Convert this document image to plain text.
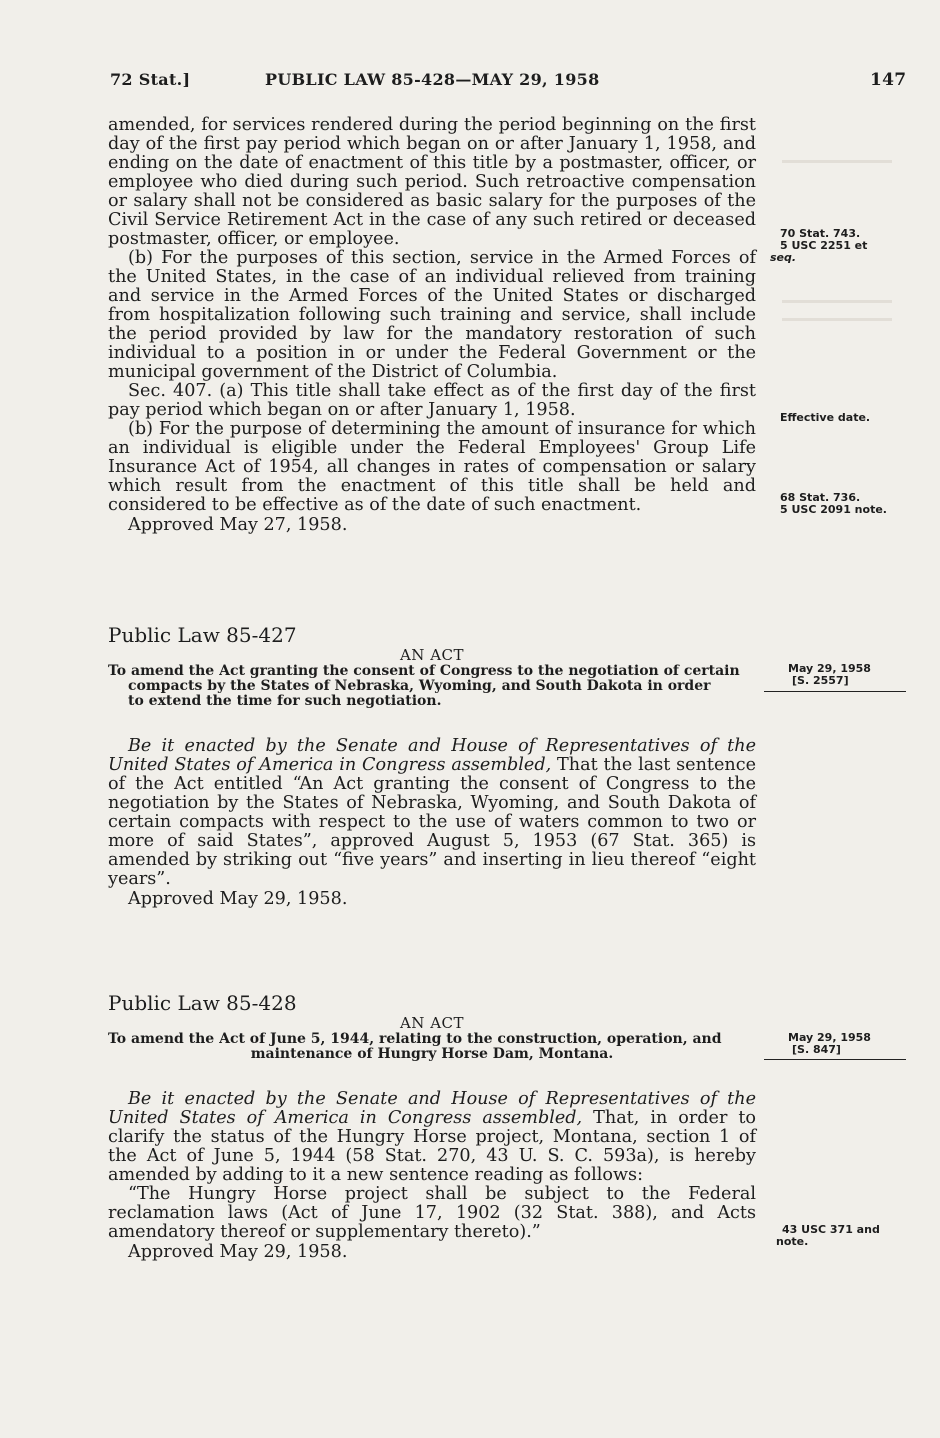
72 Stat.]	PUBLIC LAW 85-428—MAY 29, 1958	147

amended, for services rendered during the period beginning on the first day of the first pay period which began on or after January 1, 1958, and ending on the date of enactment of this title by a postmaster, officer, or employee who died during such period. Such retroactive compensation or salary shall not be considered as basic salary for the purposes of the Civil Service Retirement Act in the case of any such retired or deceased postmaster, officer, or employee.

(b) For the purposes of this section, service in the Armed Forces of the United States, in the case of an individual relieved from training and service in the Armed Forces of the United States or discharged from hospitalization following such training and service, shall include the period provided by law for the mandatory restoration of such individual to a position in or under the Federal Government or the municipal government of the District of Columbia.

Sec. 407. (a) This title shall take effect as of the first day of the first pay period which began on or after January 1, 1958.

(b) For the purpose of determining the amount of insurance for which an individual is eligible under the Federal Employees' Group Life Insurance Act of 1954, all changes in rates of compensation or salary which result from the enactment of this title shall be held and considered to be effective as of the date of such enactment.

Approved May 27, 1958.

Public Law 85-427

AN ACT

To amend the Act granting the consent of Congress to the negotiation of certain
compacts by the States of Nebraska, Wyoming, and South Dakota in order
to extend the time for such negotiation.

Be it enacted by the Senate and House of Representatives of the United States of America in Congress assembled, That the last sentence of the Act entitled “An Act granting the consent of Congress to the negotiation by the States of Nebraska, Wyoming, and South Dakota of certain compacts with respect to the use of waters common to two or more of said States”, approved August 5, 1953 (67 Stat. 365) is amended by striking out “five years” and inserting in lieu thereof “eight years”.

Approved May 29, 1958.

Public Law 85-428

AN ACT

To amend the Act of June 5, 1944, relating to the construction, operation, and
maintenance of Hungry Horse Dam, Montana.

Be it enacted by the Senate and House of Representatives of the United States of America in Congress assembled, That, in order to clarify the status of the Hungry Horse project, Montana, section 1 of the Act of June 5, 1944 (58 Stat. 270, 43 U. S. C. 593a), is hereby amended by adding to it a new sentence reading as follows:

“The Hungry Horse project shall be subject to the Federal reclamation laws (Act of June 17, 1902 (32 Stat. 388), and Acts amendatory thereof or supplementary thereto).”

Approved May 29, 1958.

70 Stat. 743.
5 USC 2251 et
seq.
Effective date.
68 Stat. 736.
5 USC 2091 note.
May 29, 1958
[S. 2557]
May 29, 1958
[S. 847]
43 USC 371 and
note.
